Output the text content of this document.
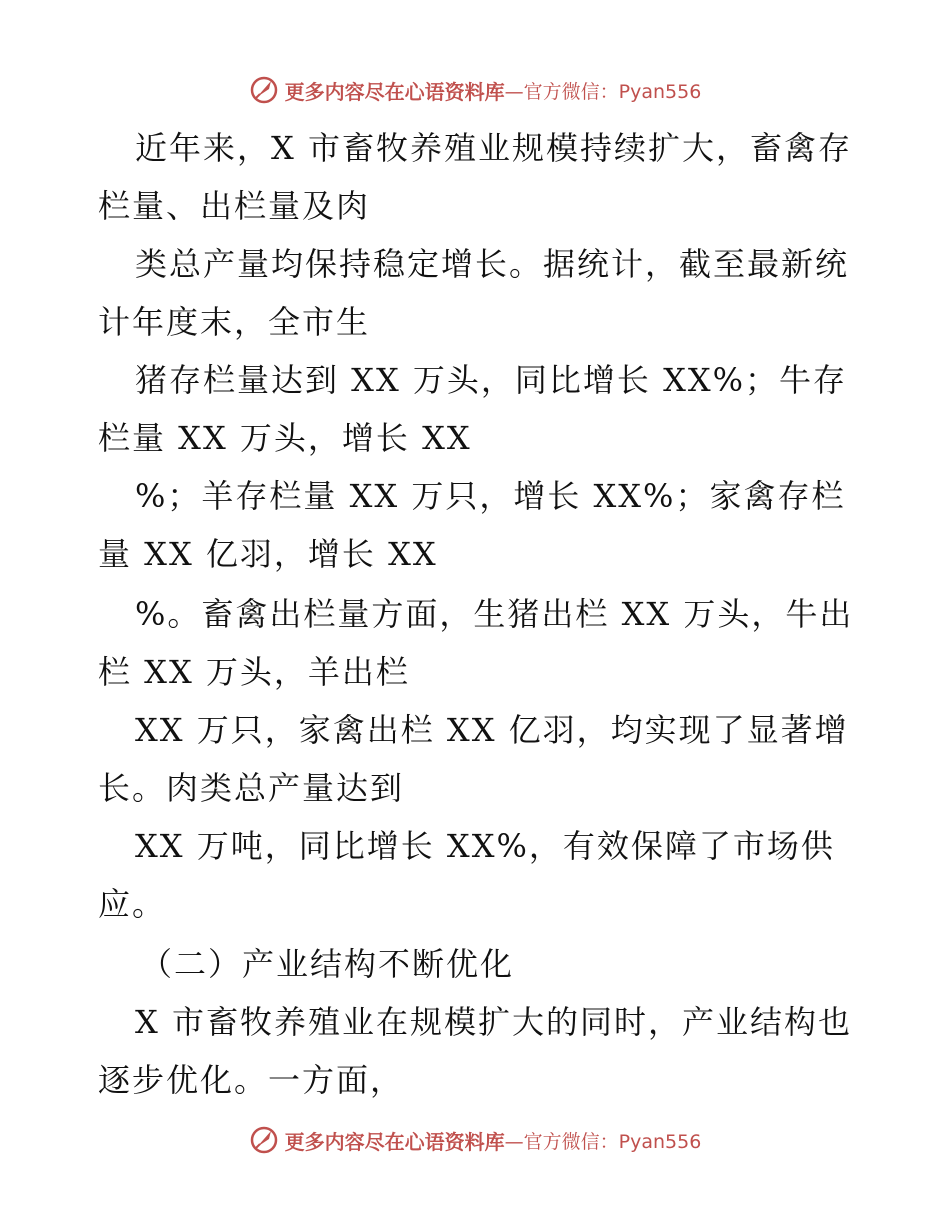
更多内容尽在心语资料库 —官方微信：Pyan556
近年来，X 市畜牧养殖业规模持续扩大，畜禽存
栏量、出栏量及肉
类总产量均保持稳定增长。据统计，截至最新统
计年度末，全市生
猪存栏量达到 XX 万头，同比增长 XX%；牛存
栏量 XX 万头，增长 XX
%；羊存栏量 XX 万只，增长 XX%；家禽存栏
量 XX 亿羽，增长 XX
%。畜禽出栏量方面，生猪出栏 XX 万头，牛出
栏 XX 万头，羊出栏
XX 万只，家禽出栏 XX 亿羽，均实现了显著增
长。肉类总产量达到
XX 万吨，同比增长 XX%，有效保障了市场供
应。
（二）产业结构不断优化
X 市畜牧养殖业在规模扩大的同时，产业结构也
逐步优化。一方面，
更多内容尽在心语资料库 —官方微信：Pyan556
